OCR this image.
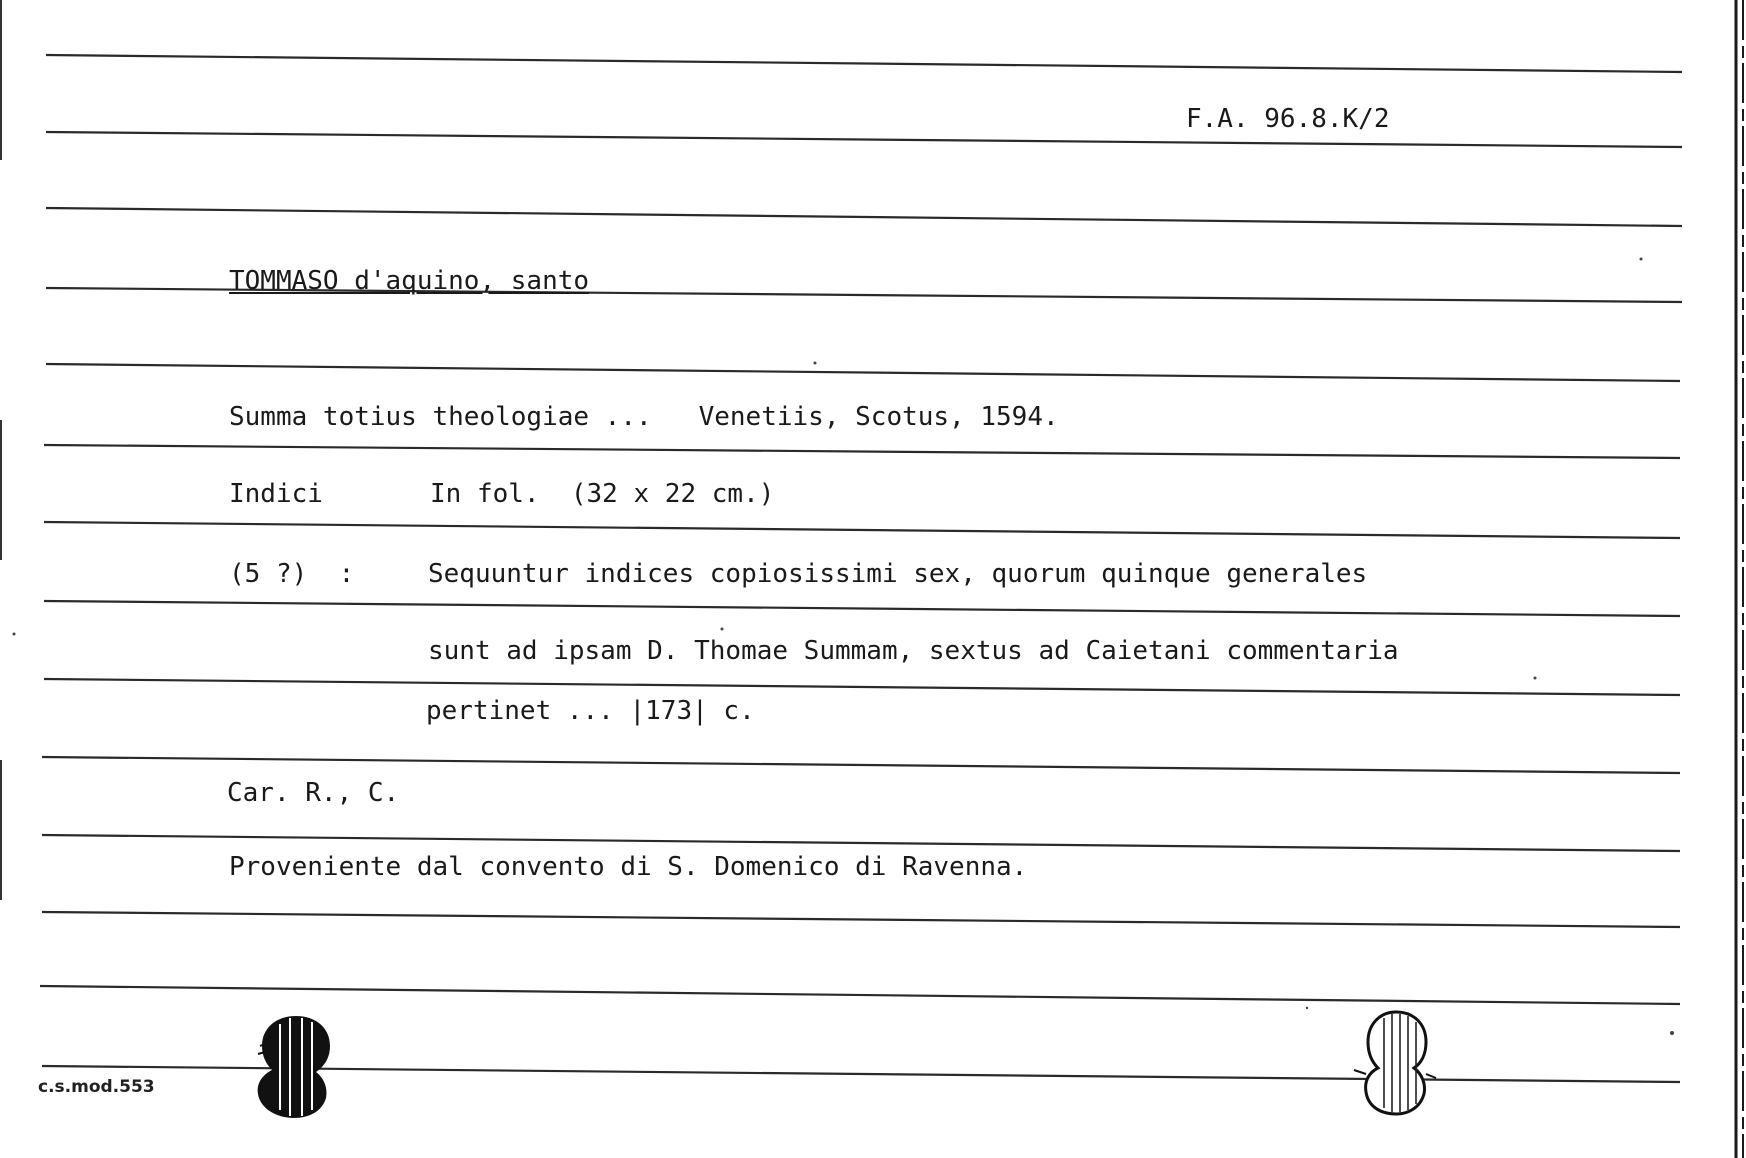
F.A. 96.8.K/2
TOMMASO d'aquino, santo
Summa totius theologiae ...   Venetiis, Scotus, 1594.
Indici	In fol.  (32 x 22 cm.)
(5 ?)  :	Sequuntur indices copiosissimi sex, quorum quinque generales
sunt ad ipsam D. Thomae Summam, sextus ad Caietani commentaria
pertinet ... |173| c.
Car. R., C.
Proveniente dal convento di S. Domenico di Ravenna.
c.s.mod.553
